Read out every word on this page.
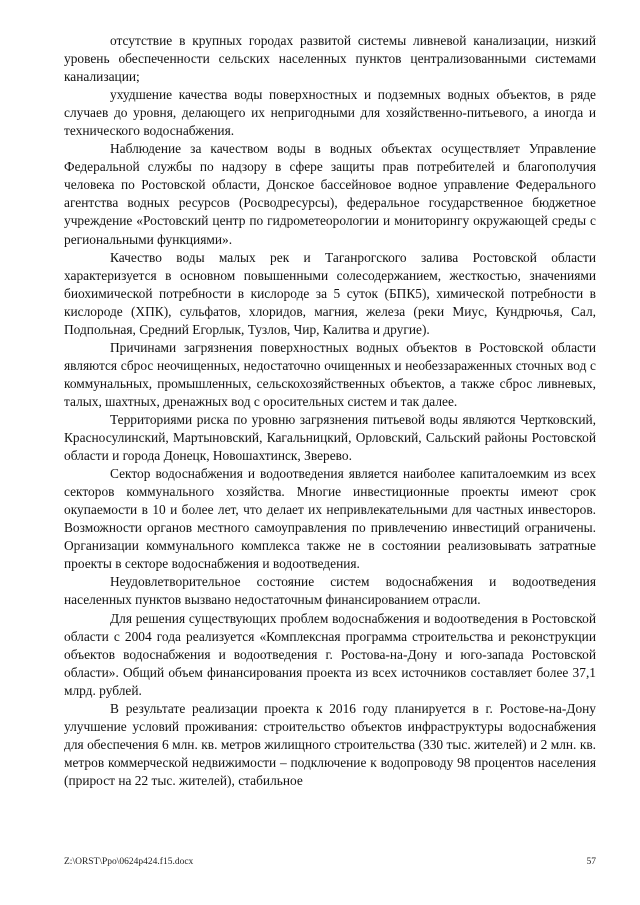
отсутствие в крупных городах развитой системы ливневой канализации, низкий уровень обеспеченности сельских населенных пунктов централизованными системами канализации;

ухудшение качества воды поверхностных и подземных водных объектов, в ряде случаев до уровня, делающего их непригодными для хозяйственно-питьевого, а иногда и технического водоснабжения.

Наблюдение за качеством воды в водных объектах осуществляет Управление Федеральной службы по надзору в сфере защиты прав потребителей и благополучия человека по Ростовской области, Донское бассейновое водное управление Федерального агентства водных ресурсов (Росводресурсы), федеральное государственное бюджетное учреждение «Ростовский центр по гидрометеорологии и мониторингу окружающей среды с региональными функциями».

Качество воды малых рек и Таганрогского залива Ростовской области характеризуется в основном повышенными солесодержанием, жесткостью, значениями биохимической потребности в кислороде за 5 суток (БПК5), химической потребности в кислороде (ХПК), сульфатов, хлоридов, магния, железа (реки Миус, Кундрючья, Сал, Подпольная, Средний Егорлык, Тузлов, Чир, Калитва и другие).

Причинами загрязнения поверхностных водных объектов в Ростовской области являются сброс неочищенных, недостаточно очищенных и необеззараженных сточных вод с коммунальных, промышленных, сельскохозяйственных объектов, а также сброс ливневых, талых, шахтных, дренажных вод с оросительных систем и так далее.

Территориями риска по уровню загрязнения питьевой воды являются Чертковский, Красносулинский, Мартыновский, Кагальницкий, Орловский, Сальский районы Ростовской области и города Донецк, Новошахтинск, Зверево.

Сектор водоснабжения и водоотведения является наиболее капиталоемким из всех секторов коммунального хозяйства. Многие инвестиционные проекты имеют срок окупаемости в 10 и более лет, что делает их непривлекательными для частных инвесторов. Возможности органов местного самоуправления по привлечению инвестиций ограничены. Организации коммунального комплекса также не в состоянии реализовывать затратные проекты в секторе водоснабжения и водоотведения.

Неудовлетворительное состояние систем водоснабжения и водоотведения населенных пунктов вызвано недостаточным финансированием отрасли.

Для решения существующих проблем водоснабжения и водоотведения в Ростовской области с 2004 года реализуется «Комплексная программа строительства и реконструкции объектов водоснабжения и водоотведения г. Ростова-на-Дону и юго-запада Ростовской области». Общий объем финансирования проекта из всех источников составляет более 37,1 млрд. рублей.

В результате реализации проекта к 2016 году планируется в г. Ростове-на-Дону улучшение условий проживания: строительство объектов инфраструктуры водоснабжения для обеспечения 6 млн. кв. метров жилищного строительства (330 тыс. жителей) и 2 млн. кв. метров коммерческой недвижимости – подключение к водопроводу 98 процентов населения (прирост на 22 тыс. жителей), стабильное

Z:\ORST\Ppo\0624p424.f15.docx	57
